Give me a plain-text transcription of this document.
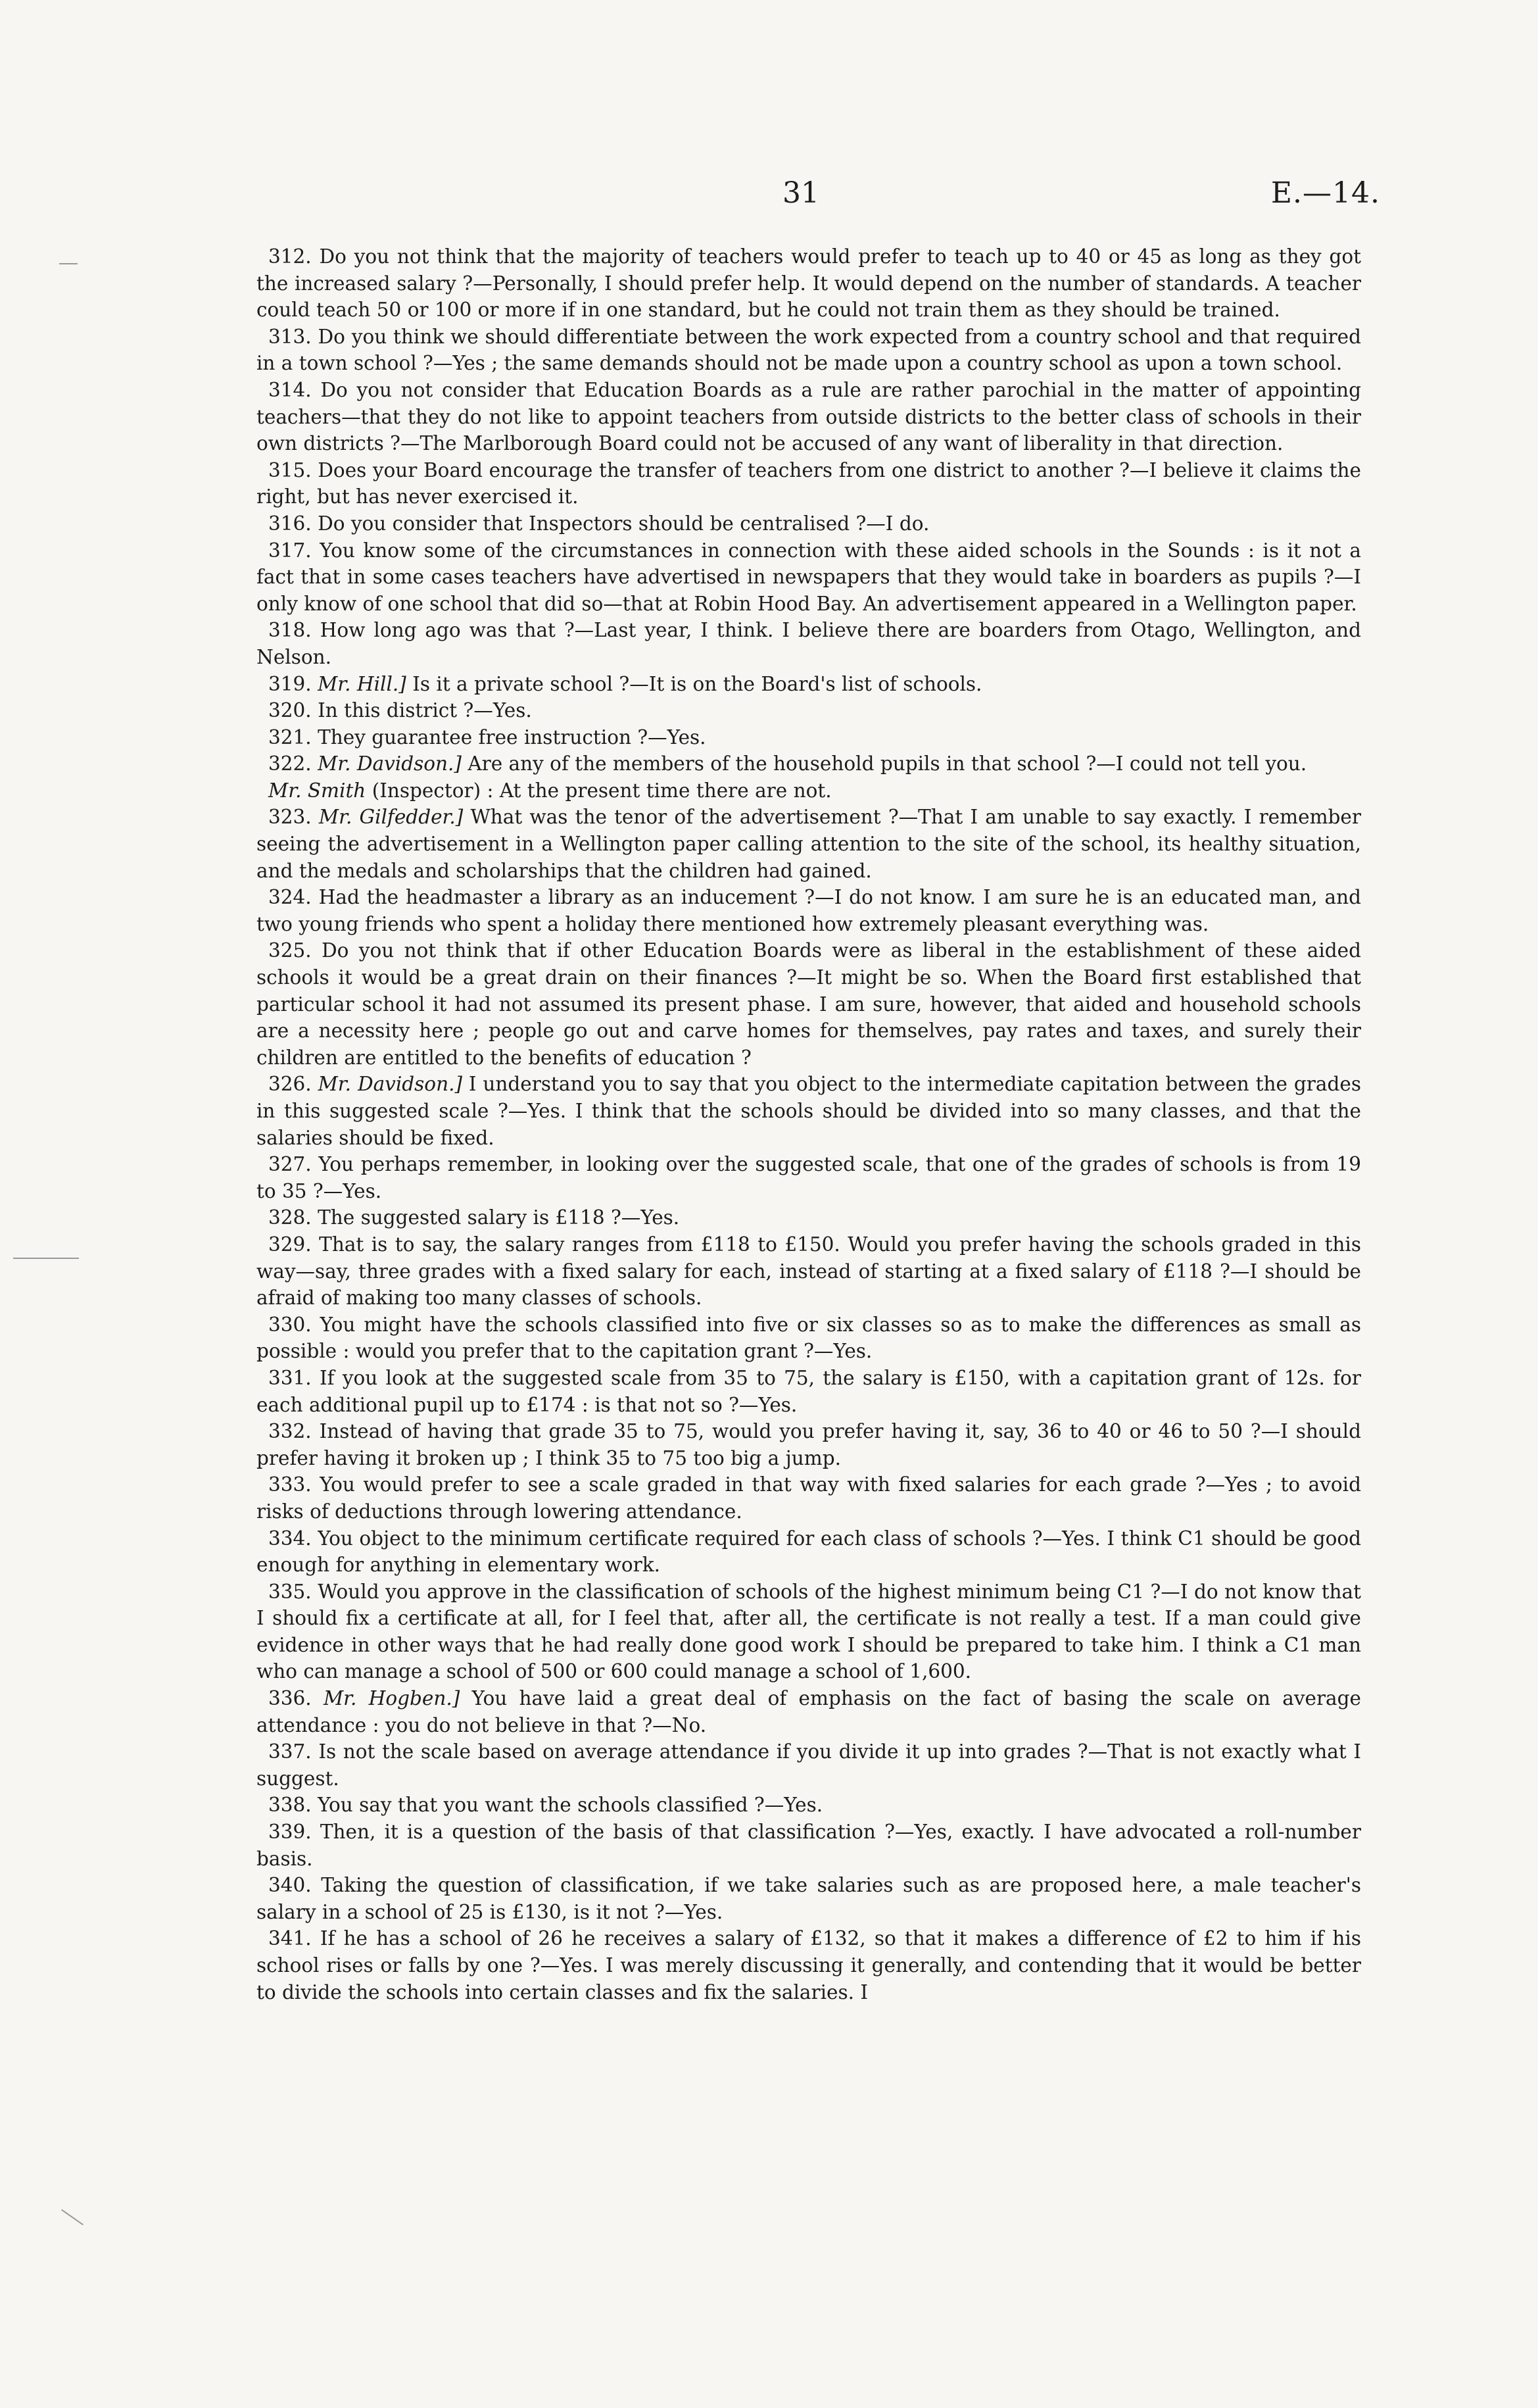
31	E.—14.

312. Do you not think that the majority of teachers would prefer to teach up to 40 or 45 as long as they got the increased salary ?—Personally, I should prefer help. It would depend on the number of standards. A teacher could teach 50 or 100 or more if in one standard, but he could not train them as they should be trained.

313. Do you think we should differentiate between the work expected from a country school and that required in a town school ?—Yes ; the same demands should not be made upon a country school as upon a town school.

314. Do you not consider that Education Boards as a rule are rather parochial in the matter of appointing teachers—that they do not like to appoint teachers from outside districts to the better class of schools in their own districts ?—The Marlborough Board could not be accused of any want of liberality in that direction.

315. Does your Board encourage the transfer of teachers from one district to another ?—I believe it claims the right, but has never exercised it.

316. Do you consider that Inspectors should be centralised ?—I do.

317. You know some of the circumstances in connection with these aided schools in the Sounds : is it not a fact that in some cases teachers have advertised in newspapers that they would take in boarders as pupils ?—I only know of one school that did so—that at Robin Hood Bay. An advertisement appeared in a Wellington paper.

318. How long ago was that ?—Last year, I think. I believe there are boarders from Otago, Wellington, and Nelson.

319. Mr. Hill.] Is it a private school ?—It is on the Board's list of schools.

320. In this district ?—Yes.

321. They guarantee free instruction ?—Yes.

322. Mr. Davidson.] Are any of the members of the household pupils in that school ?—I could not tell you.

Mr. Smith (Inspector) : At the present time there are not.

323. Mr. Gilfedder.] What was the tenor of the advertisement ?—That I am unable to say exactly. I remember seeing the advertisement in a Wellington paper calling attention to the site of the school, its healthy situation, and the medals and scholarships that the children had gained.

324. Had the headmaster a library as an inducement ?—I do not know. I am sure he is an educated man, and two young friends who spent a holiday there mentioned how extremely pleasant everything was.

325. Do you not think that if other Education Boards were as liberal in the establishment of these aided schools it would be a great drain on their finances ?—It might be so. When the Board first established that particular school it had not assumed its present phase. I am sure, however, that aided and household schools are a necessity here ; people go out and carve homes for themselves, pay rates and taxes, and surely their children are entitled to the benefits of education ?

326. Mr. Davidson.] I understand you to say that you object to the intermediate capitation between the grades in this suggested scale ?—Yes. I think that the schools should be divided into so many classes, and that the salaries should be fixed.

327. You perhaps remember, in looking over the suggested scale, that one of the grades of schools is from 19 to 35 ?—Yes.

328. The suggested salary is £118 ?—Yes.

329. That is to say, the salary ranges from £118 to £150. Would you prefer having the schools graded in this way—say, three grades with a fixed salary for each, instead of starting at a fixed salary of £118 ?—I should be afraid of making too many classes of schools.

330. You might have the schools classified into five or six classes so as to make the differences as small as possible : would you prefer that to the capitation grant ?—Yes.

331. If you look at the suggested scale from 35 to 75, the salary is £150, with a capitation grant of 12s. for each additional pupil up to £174 : is that not so ?—Yes.

332. Instead of having that grade 35 to 75, would you prefer having it, say, 36 to 40 or 46 to 50 ?—I should prefer having it broken up ; I think 35 to 75 too big a jump.

333. You would prefer to see a scale graded in that way with fixed salaries for each grade ?—Yes ; to avoid risks of deductions through lowering attendance.

334. You object to the minimum certificate required for each class of schools ?—Yes. I think C1 should be good enough for anything in elementary work.

335. Would you approve in the classification of schools of the highest minimum being C1 ?—I do not know that I should fix a certificate at all, for I feel that, after all, the certificate is not really a test. If a man could give evidence in other ways that he had really done good work I should be prepared to take him. I think a C1 man who can manage a school of 500 or 600 could manage a school of 1,600.

336. Mr. Hogben.] You have laid a great deal of emphasis on the fact of basing the scale on average attendance : you do not believe in that ?—No.

337. Is not the scale based on average attendance if you divide it up into grades ?—That is not exactly what I suggest.

338. You say that you want the schools classified ?—Yes.

339. Then, it is a question of the basis of that classification ?—Yes, exactly. I have advocated a roll-number basis.

340. Taking the question of classification, if we take salaries such as are proposed here, a male teacher's salary in a school of 25 is £130, is it not ?—Yes.

341. If he has a school of 26 he receives a salary of £132, so that it makes a difference of £2 to him if his school rises or falls by one ?—Yes. I was merely discussing it generally, and contending that it would be better to divide the schools into certain classes and fix the salaries. I
